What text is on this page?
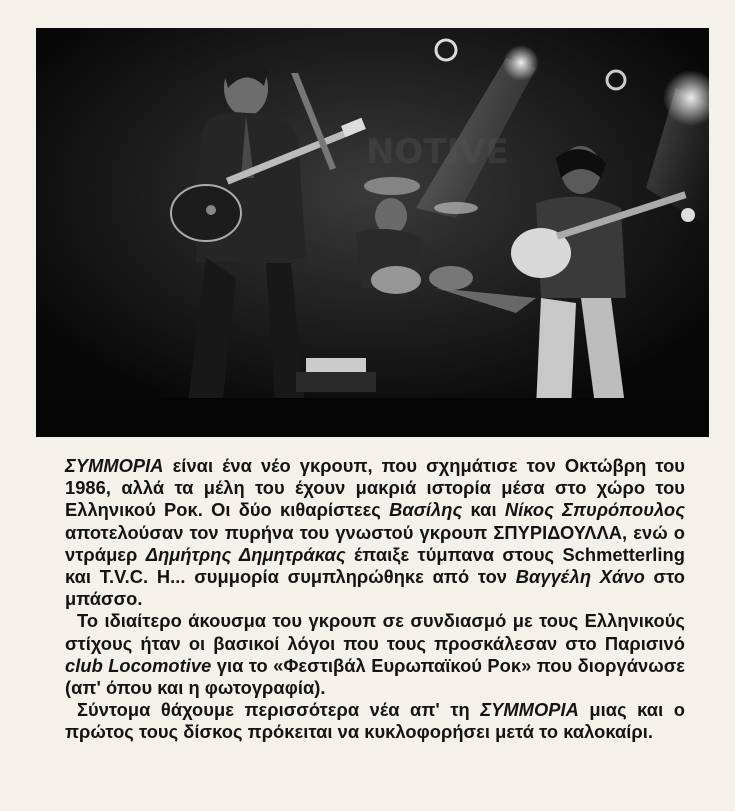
NOTIVE

ΣΥΜΜΟΡΙΑ είναι ένα νέο γκρουπ, που σχημάτισε τον Οκτώβρη του 1986, αλλά τα μέλη του έχουν μακριά ιστορία μέσα στο χώρο του Ελληνικού Ροκ. Οι δύο κιθαρίστεες Βασίλης και Νίκος Σπυρόπουλος αποτελούσαν τον πυρήνα του γνωστού γκρουπ ΣΠΥΡΙΔΟΥΛΛΑ, ενώ ο ντράμερ Δημήτρης Δημητράκας έπαιξε τύμπανα στους Schmetterling και T.V.C. H... συμμορία συμπληρώθηκε από τον Βαγγέλη Χάνο στο μπάσσο.

Το ιδιαίτερο άκουσμα του γκρουπ σε συνδιασμό με τους Ελληνικούς στίχους ήταν οι βασικοί λόγοι που τους προσκάλεσαν στο Παρισινό club Locomotive για το «Φεστιβάλ Ευρωπαϊκού Ροκ» που διοργάνωσε (απ' όπου και η φωτογραφία).

Σύντομα θάχουμε περισσότερα νέα απ' τη ΣΥΜΜΟΡΙΑ μιας και ο πρώτος τους δίσκος πρόκειται να κυκλοφορήσει μετά το καλοκαίρι.
